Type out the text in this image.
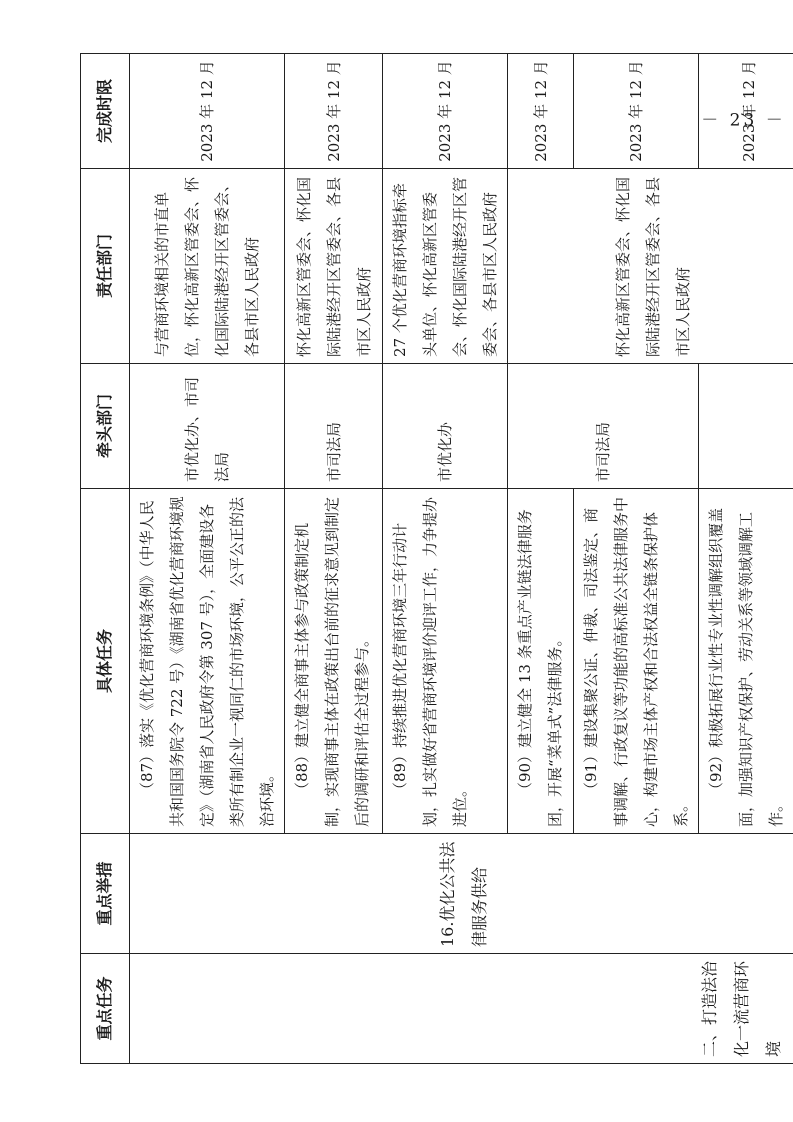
重点任务	重点举措	具体任务	牵头部门	责任部门	完成时限
二、打造法治化一流营商环境	16.优化公共法律服务供给	（87）落实《优化营商环境条例》（中华人民共和国国务院令 722 号）《湖南省优化营商环境规定》（湖南省人民政府令第 307 号），全面建设各类所有制企业一视同仁的市场环境，公平公正的法治环境。	市优化办、市司法局	与营商环境相关的市直单位，怀化高新区管委会、怀化国际陆港经开区管委会、各县市区人民政府	2023 年 12 月
		（88）建立健全商事主体参与政策制定机制，实现商事主体在政策出台前的征求意见到制定后的调研和评估全过程参与。	市司法局	怀化高新区管委会、怀化国际陆港经开区管委会、各县市区人民政府	2023 年 12 月
		（89）持续推进优化营商环境三年行动计划，扎实做好省营商环境评价迎评工作，力争提办进位。	市优化办	27 个优化营商环境指标牵头单位、怀化高新区管委会、怀化国际陆港经开区管委会、各县市区人民政府	2023 年 12 月
		（90）建立健全 13 条重点产业链法律服务团，开展“菜单式”法律服务。	市司法局	怀化高新区管委会、怀化国际陆港经开区管委会、各县市区人民政府	2023 年 12 月
		（91）建设集聚公证、仲裁、司法鉴定、商事调解、行政复议等功能的高标准公共法律服务中心，构建市场主体产权和合法权益全链条保护体系。			2023 年 12 月
		（92）积极拓展行业性专业性调解组织覆盖面，加强知识产权保护、劳动关系等领域调解工作。			2023 年 12 月
－ 23 －
